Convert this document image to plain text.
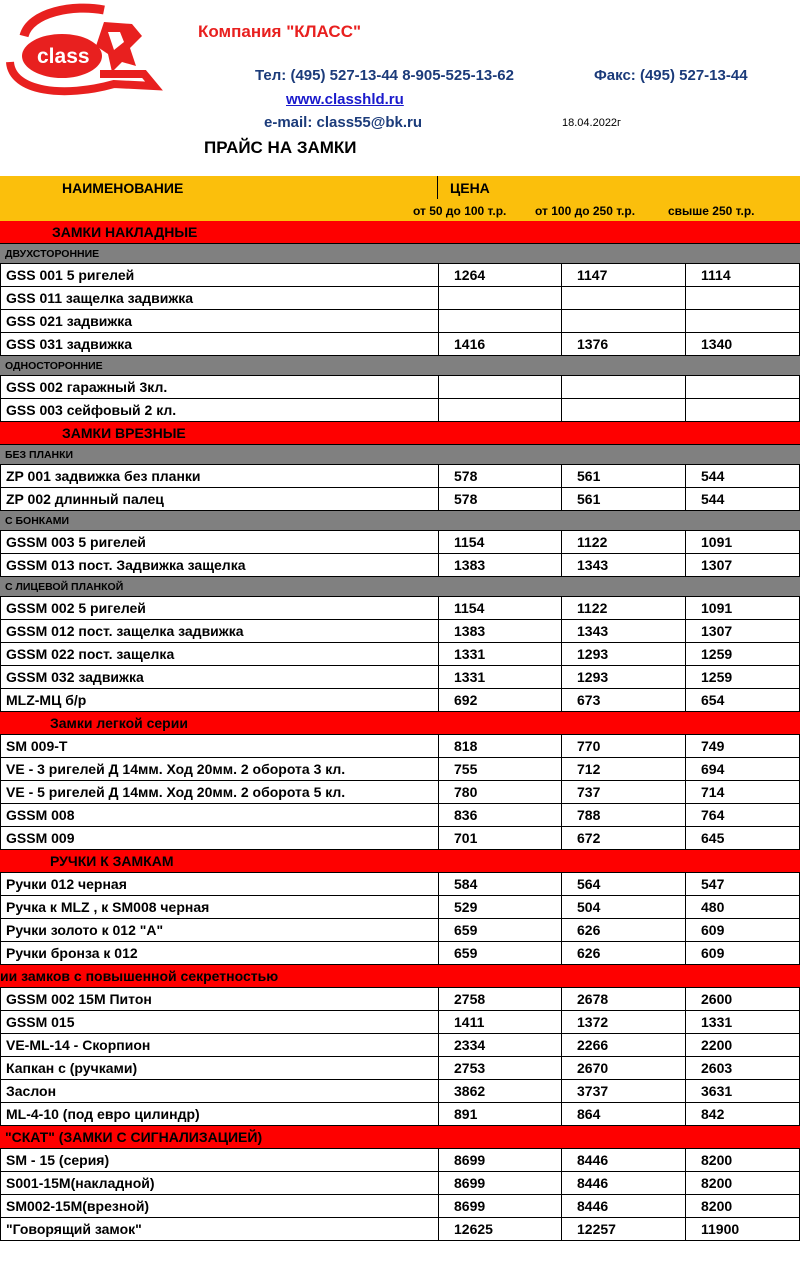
class
Компания "КЛАСС"
Тел: (495) 527-13-44 8-905-525-13-62	Факс: (495) 527-13-44
www.classhld.ru
e-mail: class55@bk.ru	18.04.2022г
ПРАЙС НА ЗАМКИ
НАИМЕНОВАНИЕ	ЦЕНА
от 50 до 100 т.р. от 100 до 250 т.р.	свыше 250 т.р.
ЗАМКИ НАКЛАДНЫЕ
ДВУХСТОРОННИЕ
GSS 001 5 ригелей	1264	1147	1114
GSS 011 защелка задвижка
GSS 021 задвижка
GSS 031 задвижка	1416	1376	1340
ОДНОСТОРОННИЕ
GSS 002 гаражный 3кл.
GSS 003 сейфовый 2 кл.
ЗАМКИ ВРЕЗНЫЕ
БЕЗ ПЛАНКИ
ZP 001 задвижка без планки	578	561	544
ZP 002 длинный палец	578	561	544
С БОНКАМИ
GSSM 003 5 ригелей	1154	1122	1091
GSSM 013 пост. Задвижка защелка	1383	1343	1307
С ЛИЦЕВОЙ ПЛАНКОЙ
GSSM 002 5 ригелей	1154	1122	1091
GSSM 012 пост. защелка задвижка	1383	1343	1307
GSSM 022 пост. защелка	1331	1293	1259
GSSM 032 задвижка	1331	1293	1259
MLZ-МЦ б/р	692	673	654
Замки легкой серии
SM 009-Т	818	770	749
VE - 3 ригелей Д 14мм. Ход 20мм. 2 оборота 3 кл.	755	712	694
VE - 5 ригелей Д 14мм. Ход 20мм. 2 оборота 5 кл.	780	737	714
GSSM 008	836	788	764
GSSM 009	701	672	645
РУЧКИ К ЗАМКАМ
Ручки 012 черная	584	564	547
Ручка к MLZ , к SM008 черная	529	504	480
Ручки золото к 012 "А"	659	626	609
Ручки бронза к 012	659	626	609
ии замков с повышенной секретностью
GSSM 002 15M Питон	2758	2678	2600
GSSM 015	1411	1372	1331
VE-ML-14 - Скорпион	2334	2266	2200
Капкан с (ручками)	2753	2670	2603
Заслон	3862	3737	3631
ML-4-10 (под евро цилиндр)	891	864	842
"СКАТ" (ЗАМКИ С СИГНАЛИЗАЦИЕЙ)
SM - 15 (серия)	8699	8446	8200
S001-15М(накладной)	8699	8446	8200
SM002-15М(врезной)	8699	8446	8200
"Говорящий замок"	12625	12257	11900
